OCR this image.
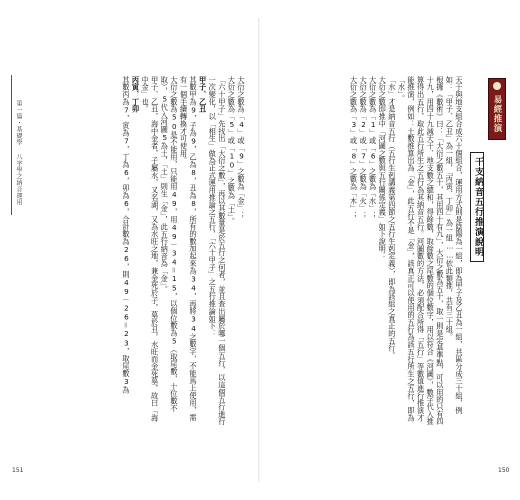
第一篇・基礎學八字學之納音運用	大衍之數為「4」或「9」之數為「金」；
大衍之數為「5」或「10」之數為「土」。
「六十甲子」先找出「大衍之數」，再以其數量是於五行之何者，並且查出屬於哪一個五行，以這個五行進行一次變化，以「相生」做為正式運用推論之五行，「六十甲子」之五行推論如下：
甲子、乙丑
其數甲為9，子為9，乙為8，丑為8，所有的數加起來為34，再將34之數字，不能馬上使用，需有一個手續轉換才可使用。
大衍之數為50是不能用，只能用49，用49－34＝15，以個位數為5（取尾數，十位數不取），5代入河圖5為土，「土」則生「金」，此五行納音為「金」。
甲子、乙丑，海中金者，子屬水，又名湖，又為水旺之地，兼金死於子，墓於丑，水旺而金死墓，故曰「海中金」也。
丙寅、丁卯
其數丙為7，寅為7，丁為6，卯為6，合計數為26，則49－26＝23，取尾數3為
151
易經推演
干支納音五行推演說明
天干與地支組合成六十個組合，運用方式則是陰陽為一組，即為甲子及乙丑為一組，共區分成三十組，例如：「甲子、乙丑」為一組，「丙寅、丁卯」為一組……依此類推，共有三十組。
根據《數術》曰：「大衍之數五十，其用四十有九」，大衍之數為五十，取一則是定基準點，可以用的只有四十九，用四十九減天干、地支數之總和，得餘數，取餘數之尾數的個位數字，用以符合《河圖》，數字代入推算得出五行，取此五行所生之五行為其納音五行。河圖數的方法，必須配合所得「五行」等數值進行推演才能推演，例如：土數推算出為「金」，此五行不是「金」，該真正可以使用的五行為該五行所生之五行，即為「水」。
「水」才是納音五行（五行生剋講義第四節之五行生剋定義），即為該組之真正的五行。
大衍之數即推中「河圖之數與五行關係定義」如下說明：
大衍之數為「1」或「6」之數為「水」；
大衍之數為「2」或「7」之數為「火」；
大衍之數為「3」或「8」之數為「木」；
150
